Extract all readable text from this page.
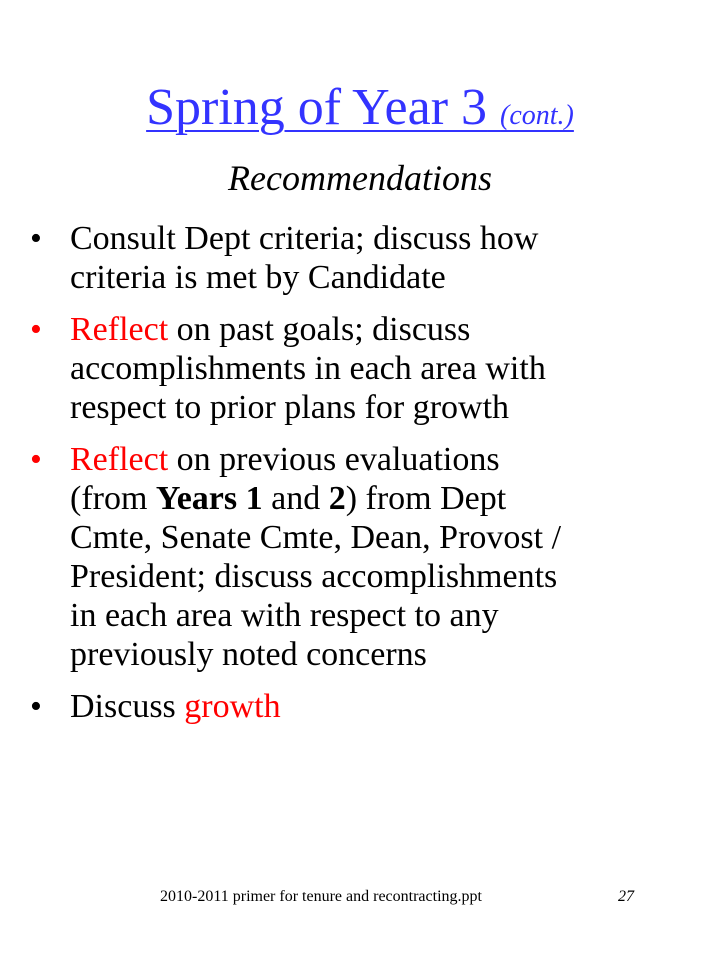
Spring of Year 3 (cont.)
Recommendations
• Consult Dept criteria; discuss how
criteria is met by Candidate
• Reflect on past goals; discuss
accomplishments in each area with
respect to prior plans for growth
• Reflect on previous evaluations
(from Years 1 and 2) from Dept
Cmte, Senate Cmte, Dean, Provost /
President; discuss accomplishments
in each area with respect to any
previously noted concerns
• Discuss growth
2010-2011 primer for tenure and recontracting.ppt	27
